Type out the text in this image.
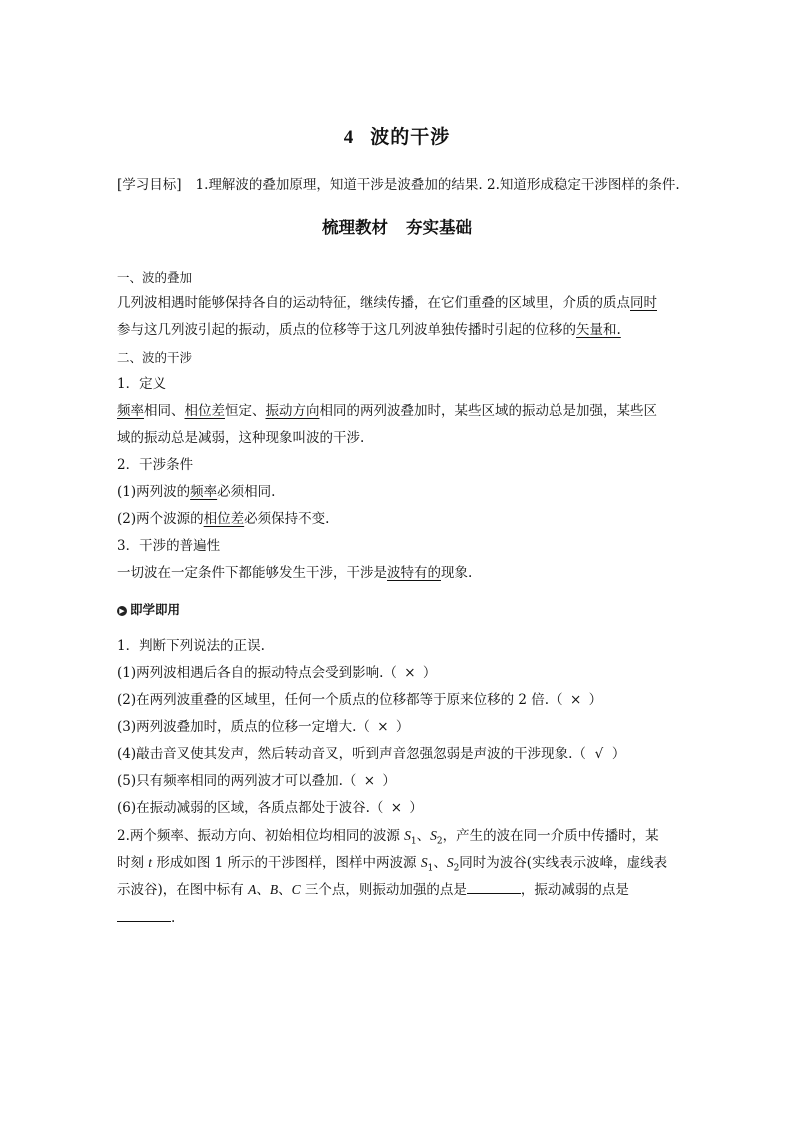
4 波的干涉
[学习目标] 1.理解波的叠加原理，知道干涉是波叠加的结果. 2.知道形成稳定干涉图样的条件.
梳理教材 夯实基础
一、波的叠加
几列波相遇时能够保持各自的运动特征，继续传播，在它们重叠的区域里，介质的质点同时
参与这几列波引起的振动，质点的位移等于这几列波单独传播时引起的位移的矢量和.
二、波的干涉
1．定义
频率相同、相位差恒定、振动方向相同的两列波叠加时，某些区域的振动总是加强，某些区
域的振动总是减弱，这种现象叫波的干涉.
2．干涉条件
(1)两列波的频率必须相同.
(2)两个波源的相位差必须保持不变.
3．干涉的普遍性
一切波在一定条件下都能够发生干涉，干涉是波特有的现象.
▶ 即学即用
1．判断下列说法的正误.
(1)两列波相遇后各自的振动特点会受到影响.（ × ）
(2)在两列波重叠的区域里，任何一个质点的位移都等于原来位移的 2 倍.（ × ）
(3)两列波叠加时，质点的位移一定增大.（ × ）
(4)敲击音叉使其发声，然后转动音叉，听到声音忽强忽弱是声波的干涉现象.（ √ ）
(5)只有频率相同的两列波才可以叠加.（ × ）
(6)在振动减弱的区域，各质点都处于波谷.（ × ）
2.两个频率、振动方向、初始相位均相同的波源 $S_1$、$S_2$，产生的波在同一介质中传播时，某
时刻 t 形成如图 1 所示的干涉图样，图样中两波源 $S_1$、$S_2$同时为波谷(实线表示波峰，虚线表
示波谷)，在图中标有 A、B、C 三个点，则振动加强的点是	，振动减弱的点是
.
